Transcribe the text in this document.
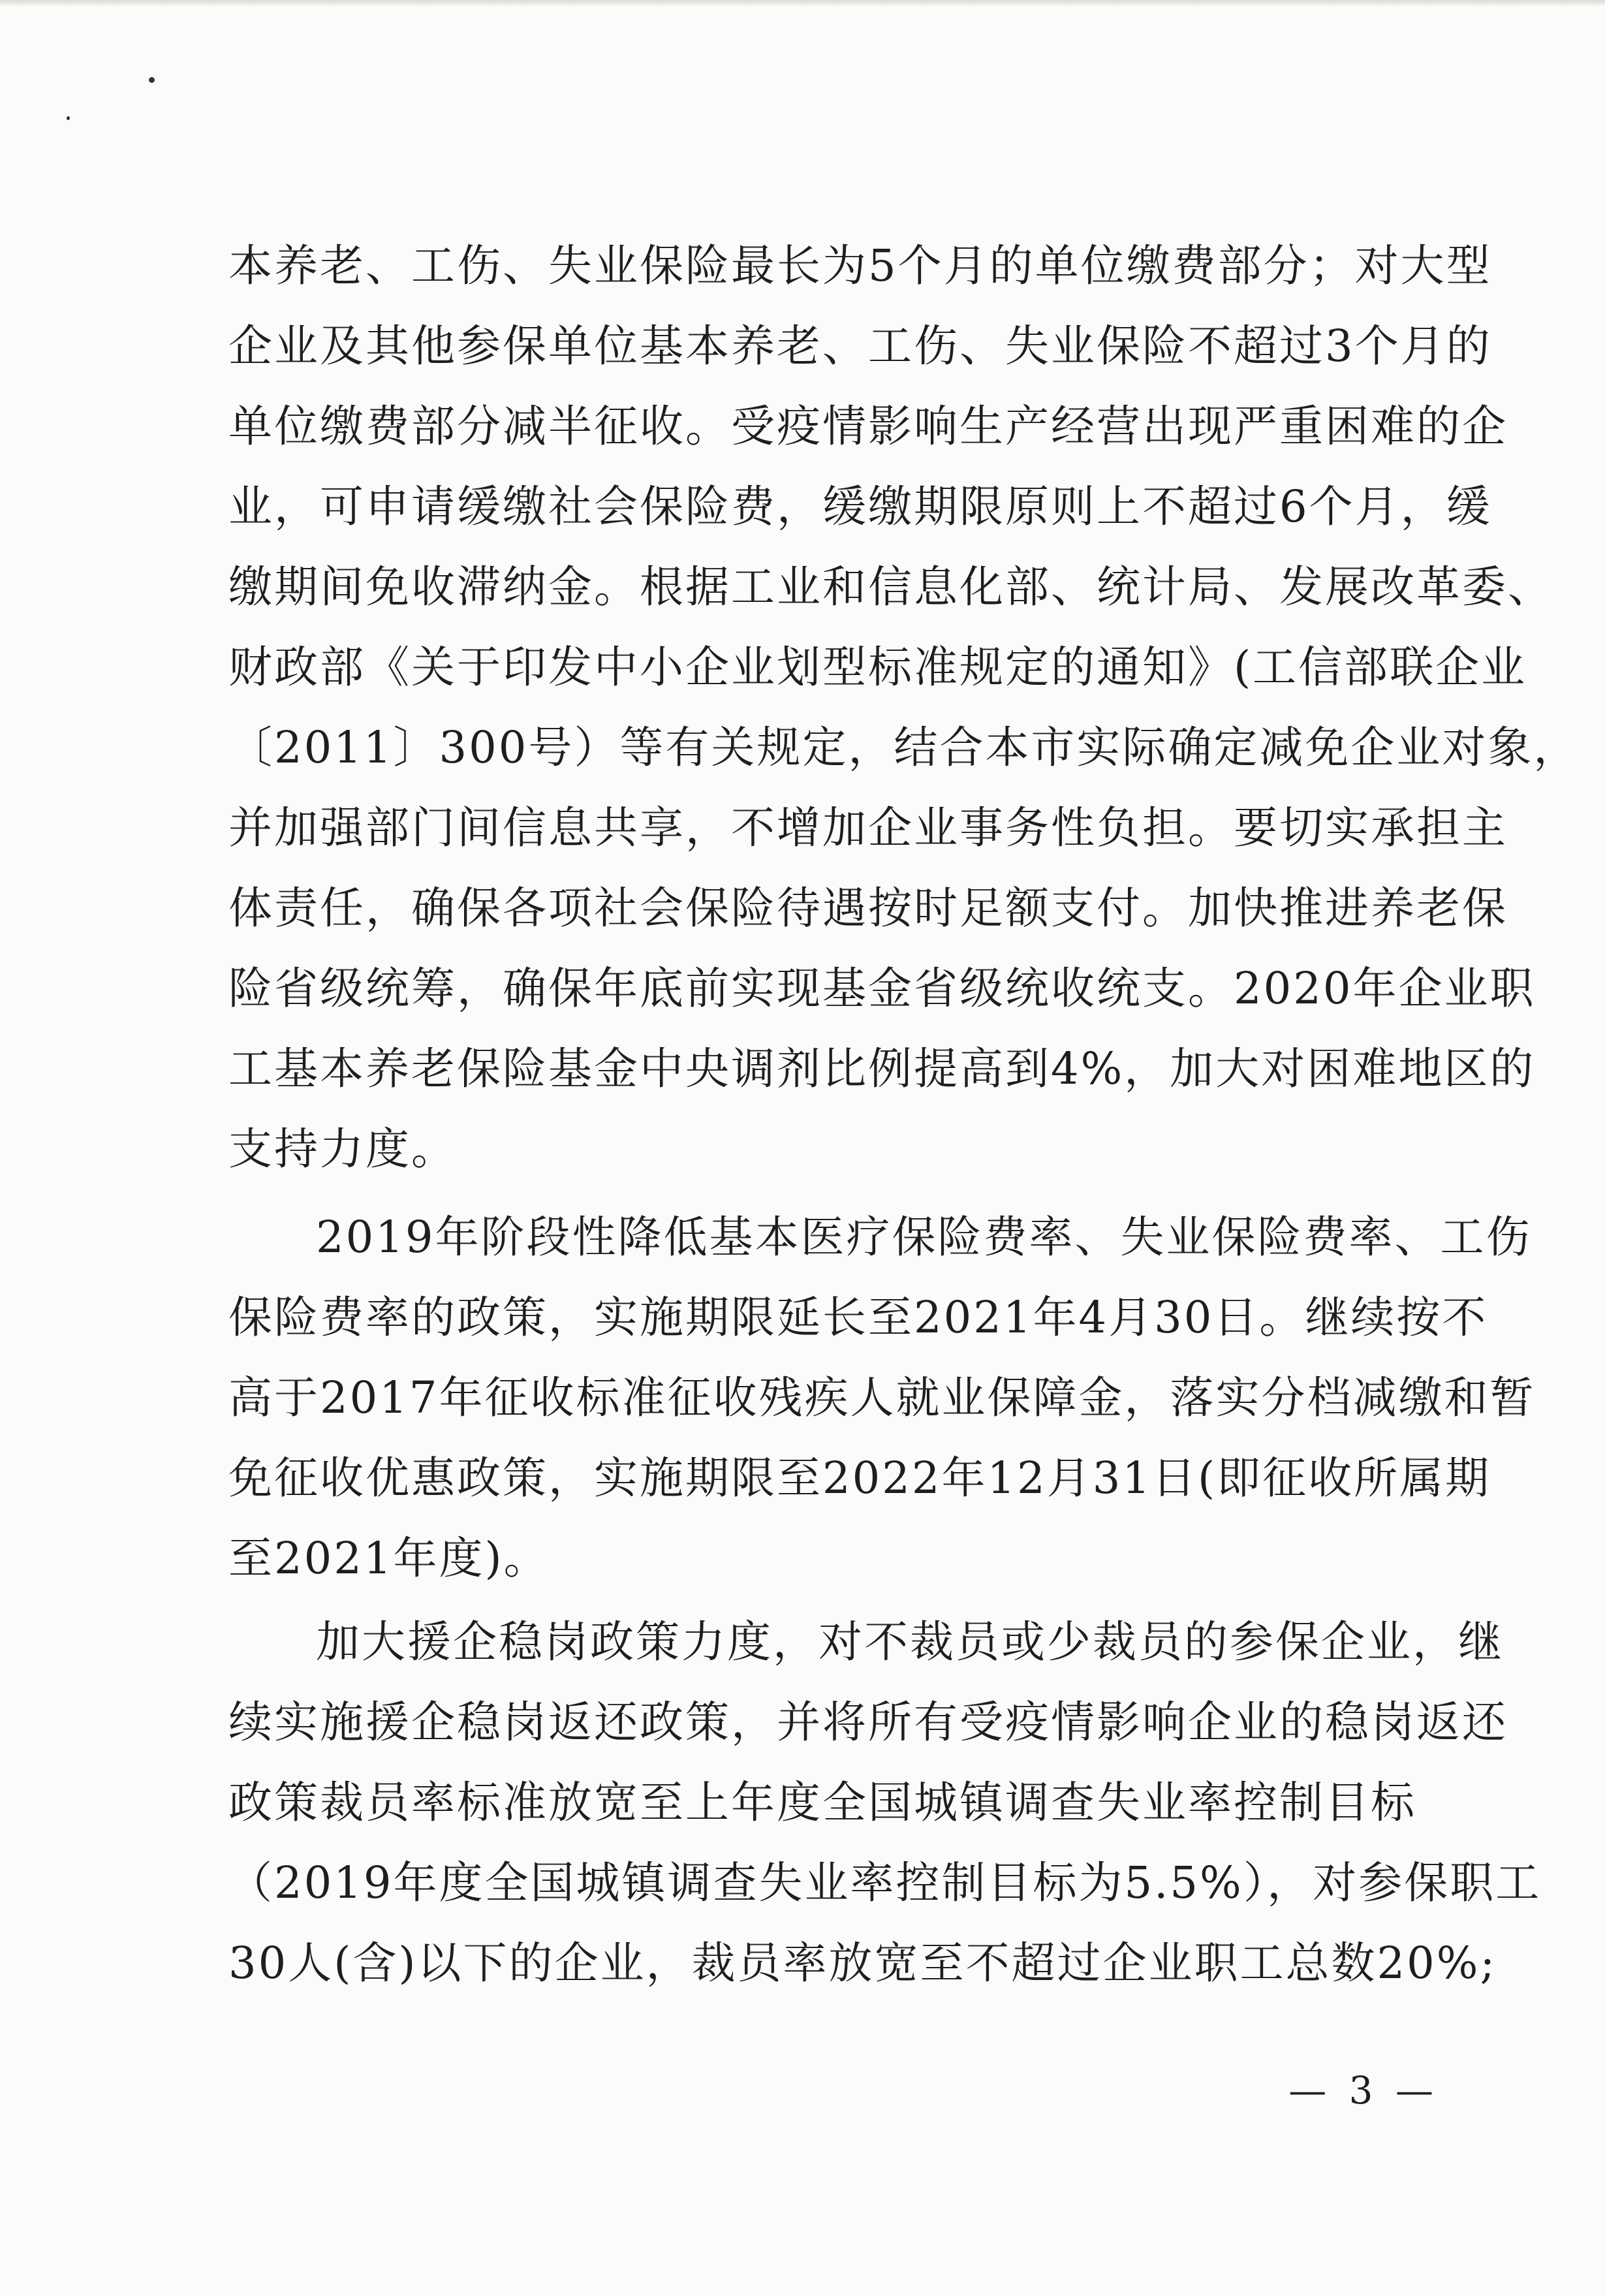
本养老、工伤、失业保险最长为5个月的单位缴费部分；对大型
企业及其他参保单位基本养老、工伤、失业保险不超过3个月的
单位缴费部分减半征收。受疫情影响生产经营出现严重困难的企
业，可申请缓缴社会保险费，缓缴期限原则上不超过6个月，缓
缴期间免收滞纳金。根据工业和信息化部、统计局、发展改革委、
财政部《关于印发中小企业划型标准规定的通知》(工信部联企业
〔2011〕300号）等有关规定，结合本市实际确定减免企业对象，
并加强部门间信息共享，不增加企业事务性负担。要切实承担主
体责任，确保各项社会保险待遇按时足额支付。加快推进养老保
险省级统筹，确保年底前实现基金省级统收统支。2020年企业职
工基本养老保险基金中央调剂比例提高到4%，加大对困难地区的
支持力度。
2019年阶段性降低基本医疗保险费率、失业保险费率、工伤
保险费率的政策，实施期限延长至2021年4月30日。继续按不
高于2017年征收标准征收残疾人就业保障金，落实分档减缴和暂
免征收优惠政策，实施期限至2022年12月31日(即征收所属期
至2021年度)。
加大援企稳岗政策力度，对不裁员或少裁员的参保企业，继
续实施援企稳岗返还政策，并将所有受疫情影响企业的稳岗返还
政策裁员率标准放宽至上年度全国城镇调查失业率控制目标
（2019年度全国城镇调查失业率控制目标为5.5%），对参保职工
30人(含)以下的企业，裁员率放宽至不超过企业职工总数20%;
— 3 —
